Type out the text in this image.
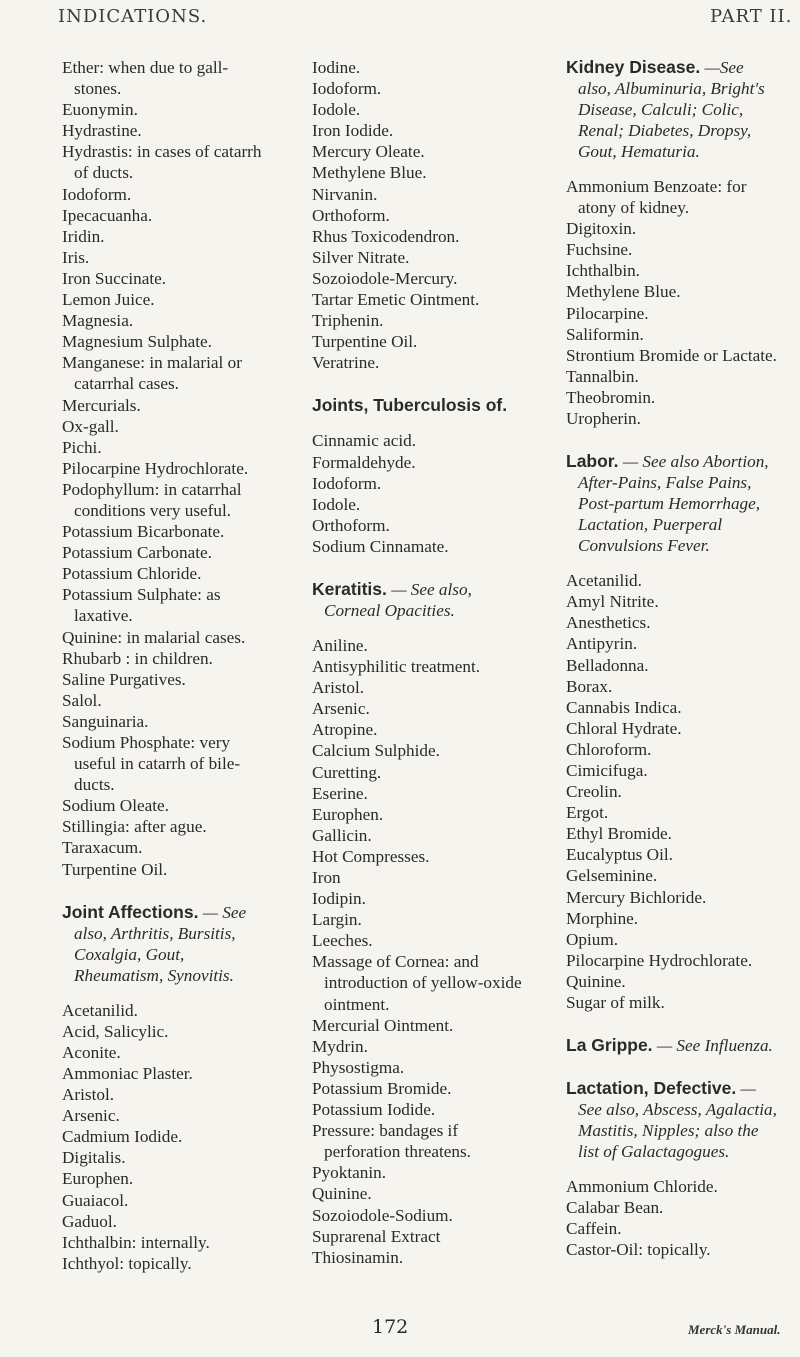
INDICATIONS.	PART II.
Ether: when due to gall-stones.
Euonymin.
Hydrastine.
Hydrastis: in cases of catarrh of ducts.
Iodoform.
Ipecacuanha.
Iridin.
Iris.
Iron Succinate.
Lemon Juice.
Magnesia.
Magnesium Sulphate.
Manganese: in malarial or catarrhal cases.
Mercurials.
Ox-gall.
Pichi.
Pilocarpine Hydrochlorate.
Podophyllum: in catarrhal conditions very useful.
Potassium Bicarbonate.
Potassium Carbonate.
Potassium Chloride.
Potassium Sulphate: as laxative.
Quinine: in malarial cases.
Rhubarb : in children.
Saline Purgatives.
Salol.
Sanguinaria.
Sodium Phosphate: very useful in catarrh of bile-ducts.
Sodium Oleate.
Stillingia: after ague.
Taraxacum.
Turpentine Oil.
Joint Affections. — See also, Arthritis, Bursitis, Coxalgia, Gout, Rheumatism, Synovitis.
Acetanilid.
Acid, Salicylic.
Aconite.
Ammoniac Plaster.
Aristol.
Arsenic.
Cadmium Iodide.
Digitalis.
Europhen.
Guaiacol.
Gaduol.
Ichthalbin: internally.
Ichthyol: topically.
Iodine.
Iodoform.
Iodole.
Iron Iodide.
Mercury Oleate.
Methylene Blue.
Nirvanin.
Orthoform.
Rhus Toxicodendron.
Silver Nitrate.
Sozoiodole-Mercury.
Tartar Emetic Ointment.
Triphenin.
Turpentine Oil.
Veratrine.
Joints, Tuberculosis of.
Cinnamic acid.
Formaldehyde.
Iodoform.
Iodole.
Orthoform.
Sodium Cinnamate.
Keratitis. — See also, Corneal Opacities.
Aniline.
Antisyphilitic treatment.
Aristol.
Arsenic.
Atropine.
Calcium Sulphide.
Curetting.
Eserine.
Europhen.
Gallicin.
Hot Compresses.
Iron
Iodipin.
Largin.
Leeches.
Massage of Cornea: and introduction of yellow-oxide ointment.
Mercurial Ointment.
Mydrin.
Physostigma.
Potassium Bromide.
Potassium Iodide.
Pressure: bandages if perforation threatens.
Pyoktanin.
Quinine.
Sozoiodole-Sodium.
Suprarenal Extract
Thiosinamin.
Kidney Disease. —See also, Albuminuria, Bright's Disease, Calculi; Colic, Renal; Diabetes, Dropsy, Gout, Hematuria.
Ammonium Benzoate: for atony of kidney.
Digitoxin.
Fuchsine.
Ichthalbin.
Methylene Blue.
Pilocarpine.
Saliformin.
Strontium Bromide or Lactate.
Tannalbin.
Theobromin.
Uropherin.
Labor. — See also Abortion, After-Pains, False Pains, Post-partum Hemorrhage, Lactation, Puerperal Convulsions Fever.
Acetanilid.
Amyl Nitrite.
Anesthetics.
Antipyrin.
Belladonna.
Borax.
Cannabis Indica.
Chloral Hydrate.
Chloroform.
Cimicifuga.
Creolin.
Ergot.
Ethyl Bromide.
Eucalyptus Oil.
Gelseminine.
Mercury Bichloride.
Morphine.
Opium.
Pilocarpine Hydrochlorate.
Quinine.
Sugar of milk.
La Grippe. — See Influenza.
Lactation, Defective. — See also, Abscess, Agalactia, Mastitis, Nipples; also the list of Galactagogues.
Ammonium Chloride.
Calabar Bean.
Caffein.
Castor-Oil: topically.
172	Merck's Manual.
